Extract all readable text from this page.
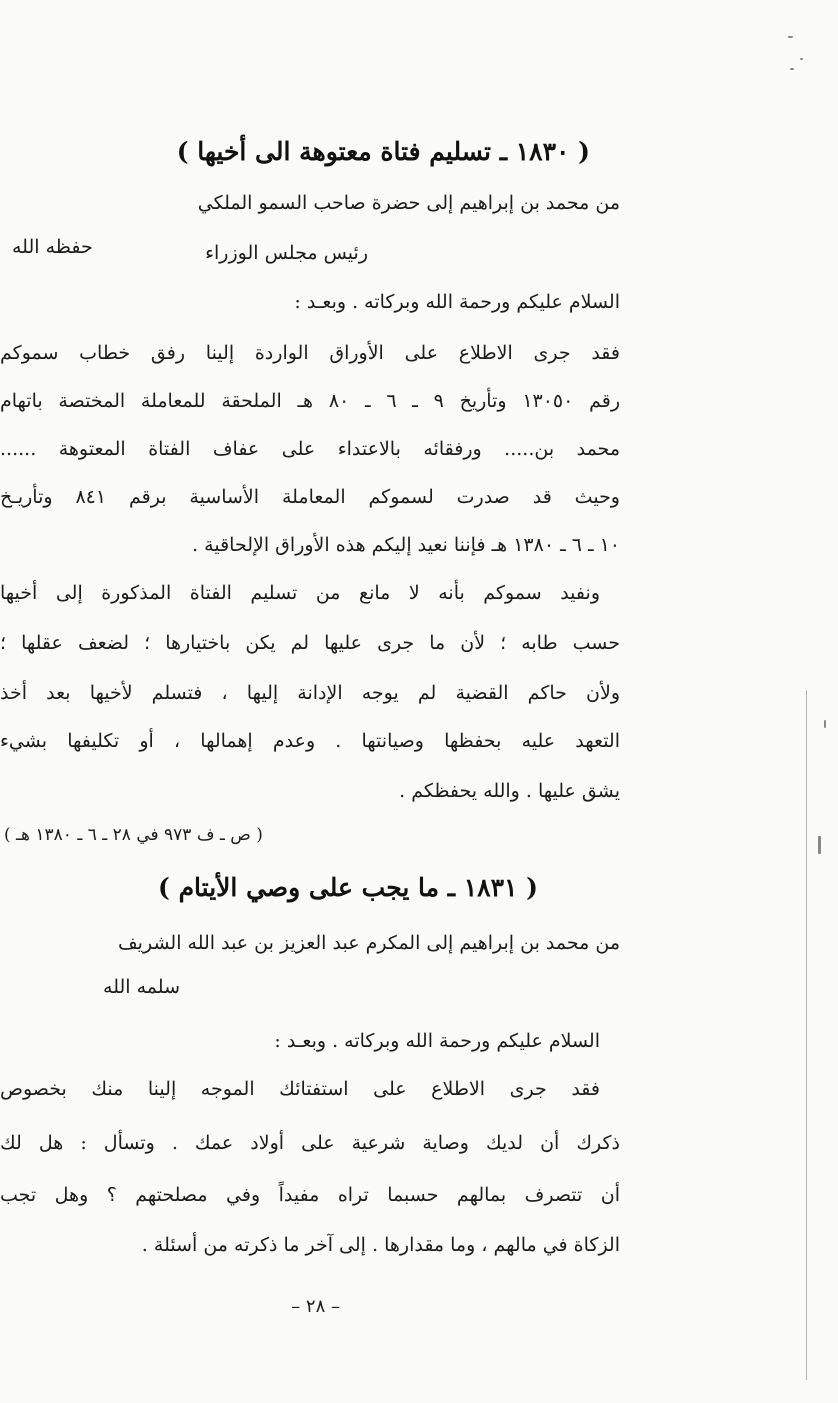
( ١٨٣٠ ـ تسليم فتاة معتوهة الى أخيها )
من محمد بن إبراهيم إلى حضرة صاحب السمو الملكي
رئيس مجلس الوزراء
حفظه الله
السلام عليكم ورحمة الله وبركاته . وبعـد :
فقد جرى الاطلاع على الأوراق الواردة إلينا رفق خطاب سموكم
رقم ١٣٠٥٠ وتأريخ ٩ ـ ٦ ـ ٨٠ هـ الملحقة للمعاملة المختصة باتهام
محمد بن..... ورفقائه بالاعتداء على عفاف الفتاة المعتوهة ......
وحيث قد صدرت لسموكم المعاملة الأساسية برقم ٨٤١ وتأريـخ
١٠ ـ ٦ ـ ١٣٨٠ هـ فإننا نعيد إليكم هذه الأوراق الإلحاقية .
ونفيد سموكم بأنه لا مانع من تسليم الفتاة المذكورة إلى أخيها
حسب طابه ؛ لأن ما جرى عليها لم يكن باختيارها ؛ لضعف عقلها ؛
ولأن حاكم القضية لم يوجه الإدانة إليها ، فتسلم لأخيها بعد أخذ
التعهد عليه بحفظها وصيانتها . وعدم إهمالها ، أو تكليفها بشيء
يشق عليها . والله يحفظكم .
( ص ـ ف ٩٧٣ في ٢٨ ـ ٦ ـ ١٣٨٠ هـ )
( ١٨٣١ ـ ما يجب على وصي الأيتام )
من محمد بن إبراهيم إلى المكرم عبد العزيز بن عبد الله الشريف
سلمه الله
السلام عليكم ورحمة الله وبركاته . وبعـد :
فقد جرى الاطلاع على استفتائك الموجه إلينا منك بخصوص
ذكرك أن لديك وصاية شرعية على أولاد عمك . وتسأل : هل لك
أن تتصرف بمالهم حسبما تراه مفيداً وفي مصلحتهم ؟ وهل تجب
الزكاة في مالهم ، وما مقدارها . إلى آخر ما ذكرته من أسئلة .
– ٢٨ –
